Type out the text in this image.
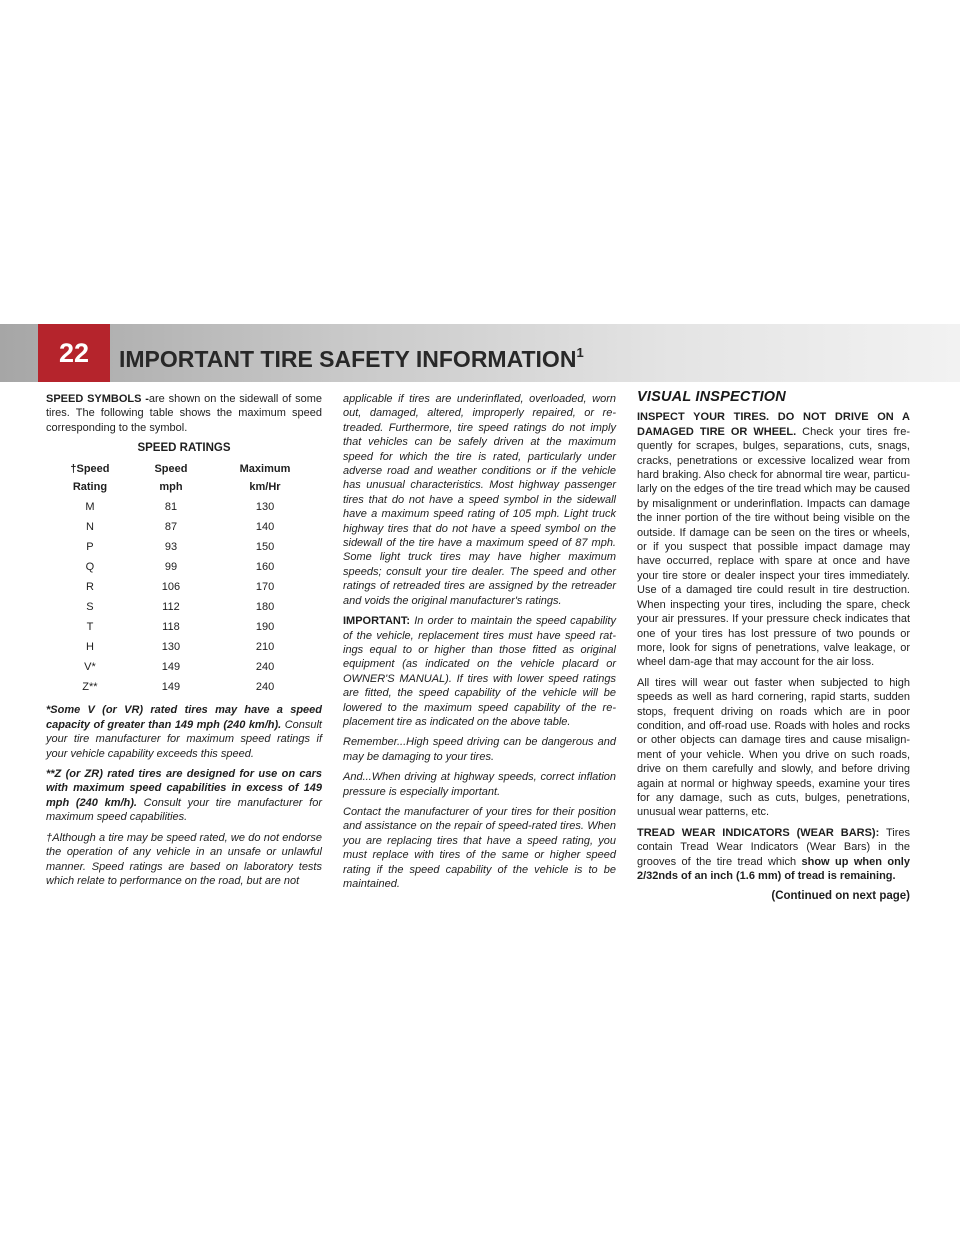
22	IMPORTANT TIRE SAFETY INFORMATION$^1$

SPEED SYMBOLS -are shown on the sidewall of some tires. The following table shows the maximum speed corresponding to the symbol.

SPEED RATINGS
†Speed	Speed	Maximum
Rating	mph	km/Hr
M	81	130
N	87	140
P	93	150
Q	99	160
R	106	170
S	112	180
T	118	190
H	130	210
V*	149	240
Z**	149	240

*Some V (or VR) rated tires may have a speed capacity of greater than 149 mph (240 km/h). Consult your tire manufacturer for maximum speed ratings if your vehicle capability exceeds this speed.

**Z (or ZR) rated tires are designed for use on cars with maximum speed capabilities in excess of 149 mph (240 km/h). Consult your tire manufacturer for maximum speed capabilities.

†Although a tire may be speed rated, we do not endorse the operation of any vehicle in an unsafe or unlawful manner. Speed ratings are based on laboratory tests which relate to performance on the road, but are not

applicable if tires are underinflated, overloaded, worn out, damaged, altered, improperly repaired, or re-treaded. Furthermore, tire speed ratings do not imply that vehicles can be safely driven at the maximum speed for which the tire is rated, particularly under adverse road and weather conditions or if the vehicle has unusual characteristics. Most highway passenger tires that do not have a speed symbol in the sidewall have a maximum speed rating of 105 mph. Light truck highway tires that do not have a speed symbol on the sidewall of the tire have a maximum speed of 87 mph. Some light truck tires may have higher maximum speeds; consult your tire dealer. The speed and other ratings of retreaded tires are assigned by the retreader and voids the original manufacturer's ratings.

IMPORTANT: In order to maintain the speed capability of the vehicle, replacement tires must have speed rat-ings equal to or higher than those fitted as original equipment (as indicated on the vehicle placard or OWNER'S MANUAL). If tires with lower speed ratings are fitted, the speed capability of the vehicle will be lowered to the maximum speed capability of the re-placement tire as indicated on the above table.

Remember...High speed driving can be dangerous and may be damaging to your tires.

And...When driving at highway speeds, correct inflation pressure is especially important.

Contact the manufacturer of your tires for their position and assistance on the repair of speed-rated tires. When you are replacing tires that have a speed rating, you must replace with tires of the same or higher speed rating if the speed capability of the vehicle is to be maintained.

VISUAL INSPECTION

INSPECT YOUR TIRES. DO NOT DRIVE ON A DAMAGED TIRE OR WHEEL. Check your tires fre-quently for scrapes, bulges, separations, cuts, snags, cracks, penetrations or excessive localized wear from hard braking. Also check for abnormal tire wear, particu-larly on the edges of the tire tread which may be caused by misalignment or underinflation. Impacts can damage the inner portion of the tire without being visible on the outside. If damage can be seen on the tires or wheels, or if you suspect that possible impact damage may have occurred, replace with spare at once and have your tire store or dealer inspect your tires immediately. Use of a damaged tire could result in tire destruction. When inspecting your tires, including the spare, check your air pressures. If your pressure check indicates that one of your tires has lost pressure of two pounds or more, look for signs of penetrations, valve leakage, or wheel dam-age that may account for the air loss.

All tires will wear out faster when subjected to high speeds as well as hard cornering, rapid starts, sudden stops, frequent driving on roads which are in poor condition, and off-road use. Roads with holes and rocks or other objects can damage tires and cause misalign-ment of your vehicle. When you drive on such roads, drive on them carefully and slowly, and before driving again at normal or highway speeds, examine your tires for any damage, such as cuts, bulges, penetrations, unusual wear patterns, etc.

TREAD WEAR INDICATORS (WEAR BARS): Tires contain Tread Wear Indicators (Wear Bars) in the grooves of the tire tread which show up when only 2/32nds of an inch (1.6 mm) of tread is remaining.

(Continued on next page)
